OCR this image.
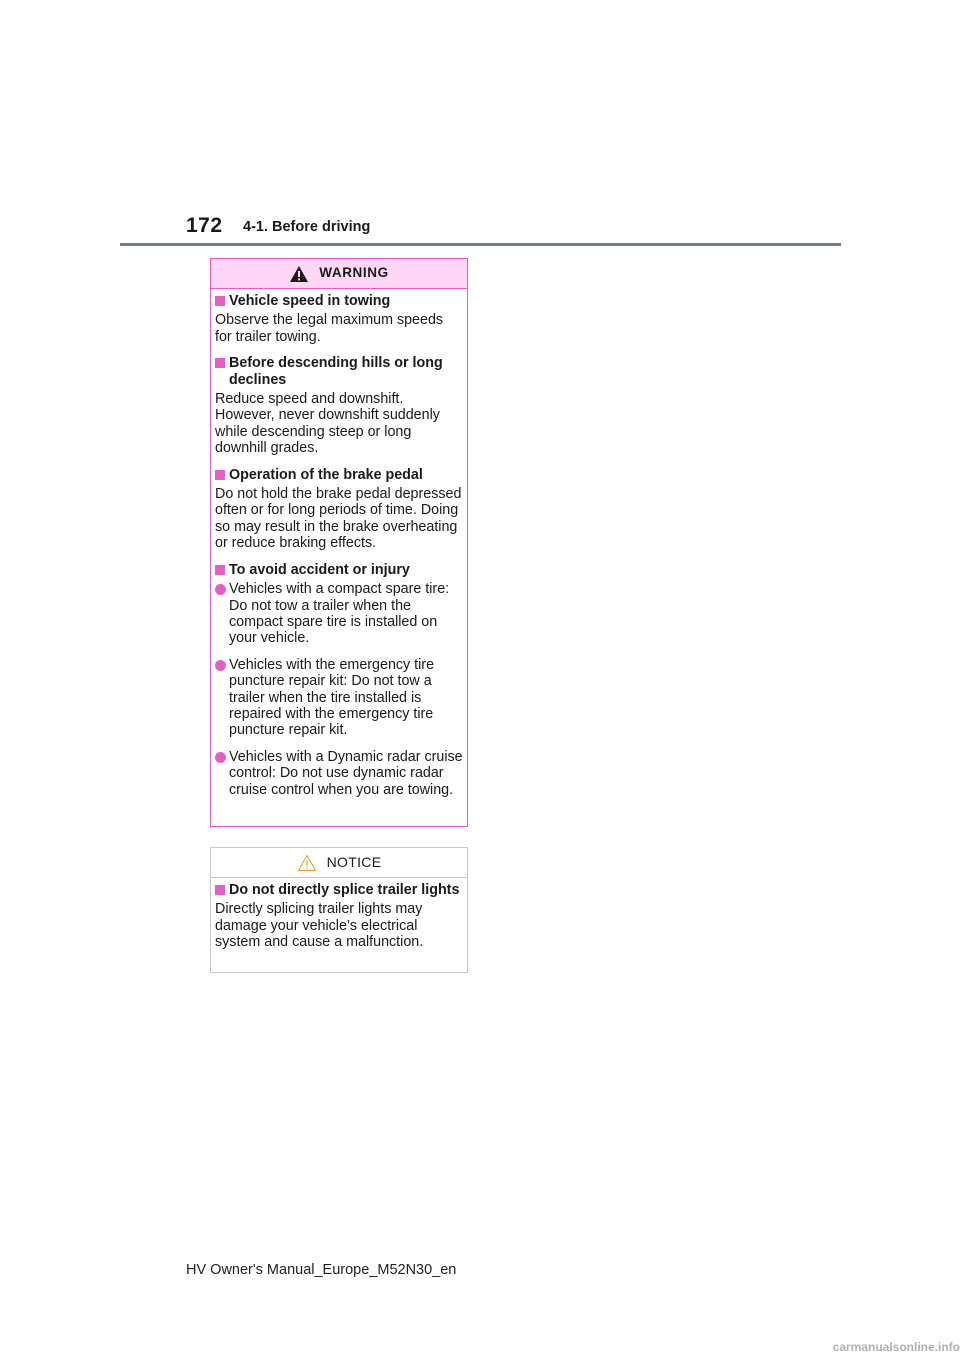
172 4-1. Before driving
WARNING
Vehicle speed in towing

Observe the legal maximum speeds for trailer towing.

Before descending hills or long declines

Reduce speed and downshift. However, never downshift suddenly while descending steep or long downhill grades.

Operation of the brake pedal

Do not hold the brake pedal depressed often or for long periods of time. Doing so may result in the brake overheating or reduce braking effects.

To avoid accident or injury
Vehicles with a compact spare tire: Do not tow a trailer when the compact spare tire is installed on your vehicle.
Vehicles with the emergency tire puncture repair kit: Do not tow a trailer when the tire installed is repaired with the emergency tire puncture repair kit.
Vehicles with a Dynamic radar cruise control: Do not use dynamic radar cruise control when you are towing.
NOTICE
Do not directly splice trailer lights

Directly splicing trailer lights may damage your vehicle’s electrical system and cause a malfunction.

HV Owner's Manual_Europe_M52N30_en
carmanualsonline.info
